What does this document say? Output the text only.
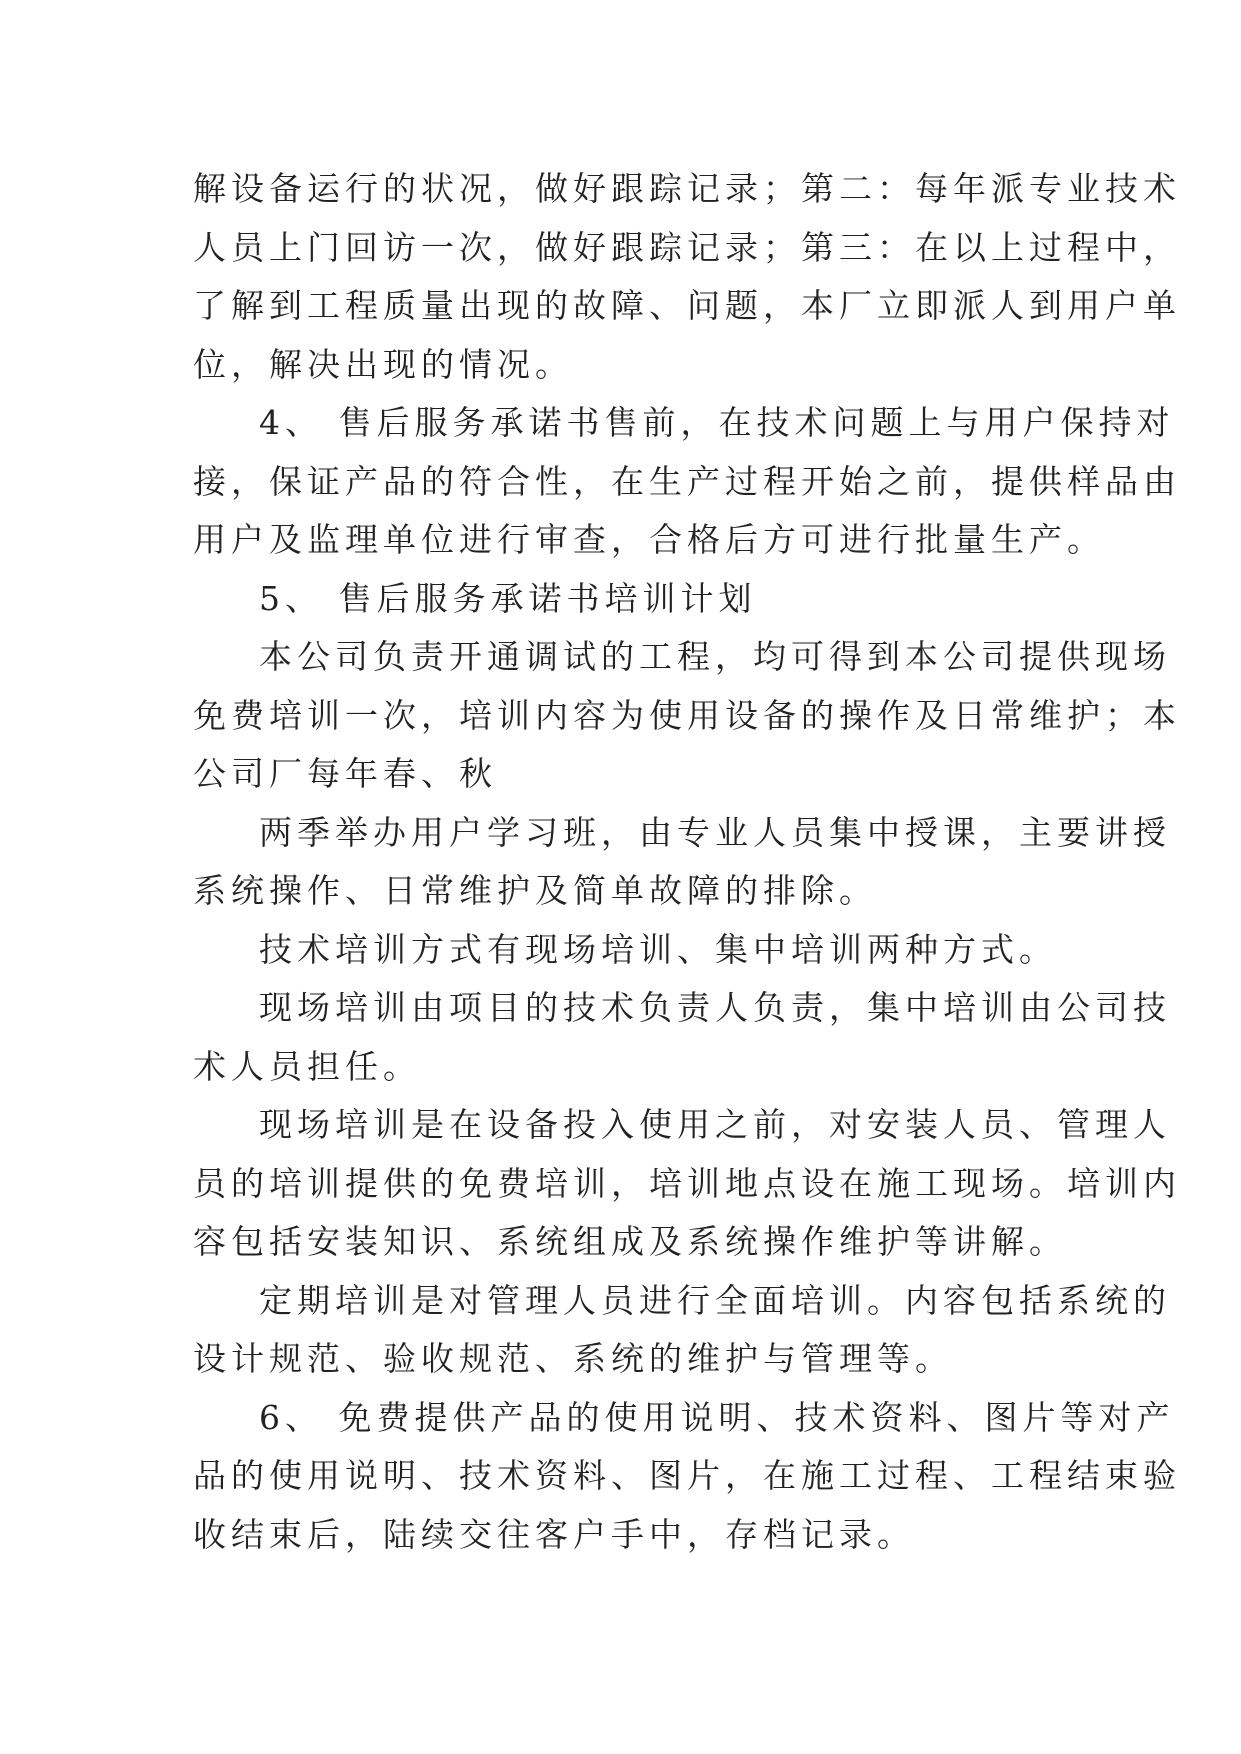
解设备运行的状况，做好跟踪记录；第二：每年派专业技术
人员上门回访一次，做好跟踪记录；第三：在以上过程中，
了解到工程质量出现的故障、问题，本厂立即派人到用户单
位，解决出现的情况。

4、 售后服务承诺书售前，在技术问题上与用户保持对
接，保证产品的符合性，在生产过程开始之前，提供样品由
用户及监理单位进行审查，合格后方可进行批量生产。

5、 售后服务承诺书培训计划

本公司负责开通调试的工程，均可得到本公司提供现场
免费培训一次，培训内容为使用设备的操作及日常维护；本
公司厂每年春、秋

两季举办用户学习班，由专业人员集中授课，主要讲授
系统操作、日常维护及简单故障的排除。

技术培训方式有现场培训、集中培训两种方式。

现场培训由项目的技术负责人负责，集中培训由公司技
术人员担任。

现场培训是在设备投入使用之前，对安装人员、管理人
员的培训提供的免费培训，培训地点设在施工现场。培训内
容包括安装知识、系统组成及系统操作维护等讲解。

定期培训是对管理人员进行全面培训。内容包括系统的
设计规范、验收规范、系统的维护与管理等。

6、 免费提供产品的使用说明、技术资料、图片等对产
品的使用说明、技术资料、图片，在施工过程、工程结束验
收结束后，陆续交往客户手中，存档记录。
